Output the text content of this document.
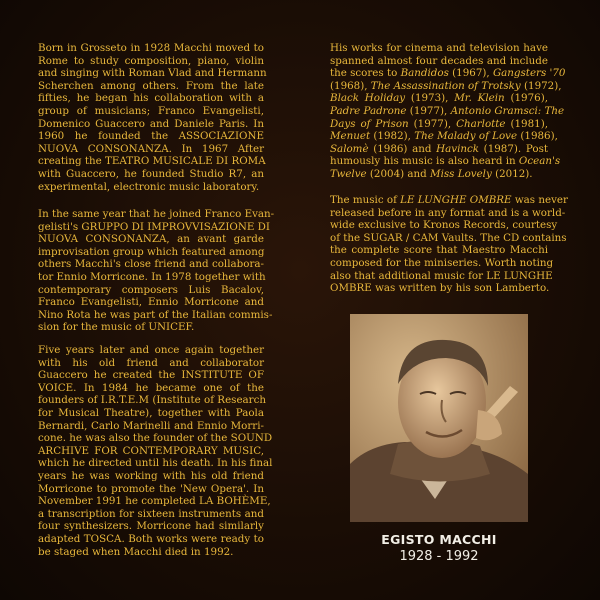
Born in Grosseto in 1928 Macchi moved to
Rome to study composition, piano, violin
and singing with Roman Vlad and Hermann
Scherchen among others. From the late
fifties, he began his collaboration with a
group of musicians; Franco Evangelisti,
Domenico Guaccero and Daniele Paris. In
1960 he founded the ASSOCIAZIONE
NUOVA CONSONANZA. In 1967 After
creating the TEATRO MUSICALE DI ROMA
with Guaccero, he founded Studio R7, an
experimental, electronic music laboratory.

In the same year that he joined Franco Evan-
gelisti's GRUPPO DI IMPROVVISAZIONE DI
NUOVA CONSONANZA, an avant garde
improvisation group which featured among
others Macchi's close friend and collabora-
tor Ennio Morricone. In 1978 together with
contemporary composers Luis Bacalov,
Franco Evangelisti, Ennio Morricone and
Nino Rota he was part of the Italian commis-
sion for the music of UNICEF.

Five years later and once again together
with his old friend and collaborator
Guaccero he created the INSTITUTE OF
VOICE. In 1984 he became one of the
founders of I.R.T.E.M (Institute of Research
for Musical Theatre), together with Paola
Bernardi, Carlo Marinelli and Ennio Morri-
cone. he was also the founder of the SOUND
ARCHIVE FOR CONTEMPORARY MUSIC,
which he directed until his death. In his final
years he was working with his old friend
Morricone to promote the 'New Opera'. In
November 1991 he completed LA BOHÈME,
a transcription for sixteen instruments and
four synthesizers. Morricone had similarly
adapted TOSCA. Both works were ready to
be staged when Macchi died in 1992.

His works for cinema and television have
spanned almost four decades and include
the scores to Bandidos (1967), Gangsters '70
(1968), The Assassination of Trotsky (1972),
Black Holiday (1973), Mr. Klein (1976),
Padre Padrone (1977), Antonio Gramsci: The
Days of Prison (1977), Charlotte (1981),
Menuet (1982), The Malady of Love (1986),
Salomè (1986) and Havinck (1987). Post
humously his music is also heard in Ocean's
Twelve (2004) and Miss Lovely (2012).

The music of LE LUNGHE OMBRE was never
released before in any format and is a world-
wide exclusive to Kronos Records, courtesy
of the SUGAR / CAM Vaults. The CD contains
the complete score that Maestro Macchi
composed for the miniseries. Worth noting
also that additional music for LE LUNGHE
OMBRE was written by his son Lamberto.

EGISTO MACCHI
1928 - 1992
